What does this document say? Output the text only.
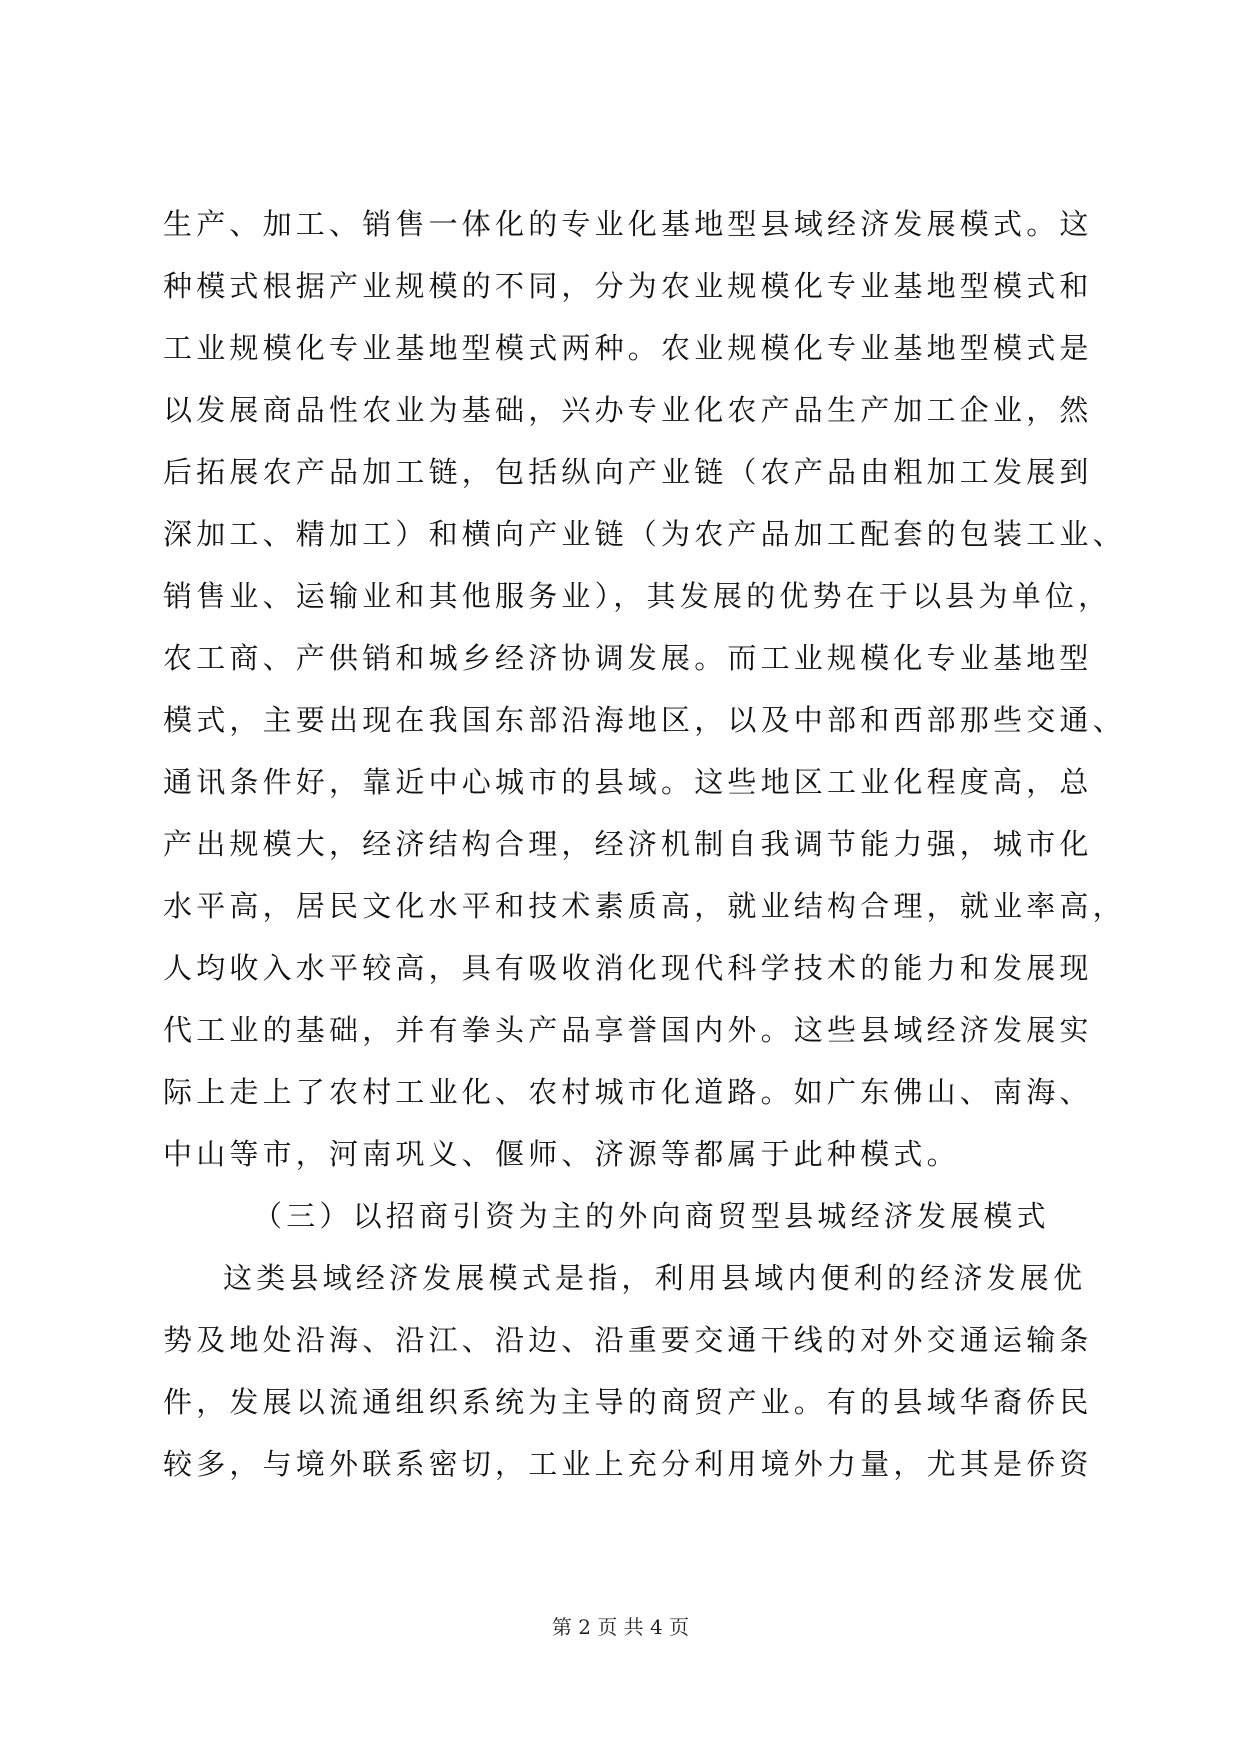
生产、加工、销售一体化的专业化基地型县域经济发展模式。这
种模式根据产业规模的不同，分为农业规模化专业基地型模式和
工业规模化专业基地型模式两种。农业规模化专业基地型模式是
以发展商品性农业为基础，兴办专业化农产品生产加工企业，然
后拓展农产品加工链，包括纵向产业链（农产品由粗加工发展到
深加工、精加工）和横向产业链（为农产品加工配套的包装工业、
销售业、运输业和其他服务业），其发展的优势在于以县为单位，
农工商、产供销和城乡经济协调发展。而工业规模化专业基地型
模式，主要出现在我国东部沿海地区，以及中部和西部那些交通、
通讯条件好，靠近中心城市的县域。这些地区工业化程度高，总
产出规模大，经济结构合理，经济机制自我调节能力强，城市化
水平高，居民文化水平和技术素质高，就业结构合理，就业率高，
人均收入水平较高，具有吸收消化现代科学技术的能力和发展现
代工业的基础，并有拳头产品享誉国内外。这些县域经济发展实
际上走上了农村工业化、农村城市化道路。如广东佛山、南海、
中山等市，河南巩义、偃师、济源等都属于此种模式。
（三）以招商引资为主的外向商贸型县城经济发展模式
这类县域经济发展模式是指，利用县域内便利的经济发展优
势及地处沿海、沿江、沿边、沿重要交通干线的对外交通运输条
件，发展以流通组织系统为主导的商贸产业。有的县域华裔侨民
较多，与境外联系密切，工业上充分利用境外力量，尤其是侨资
第 2 页 共 4 页
